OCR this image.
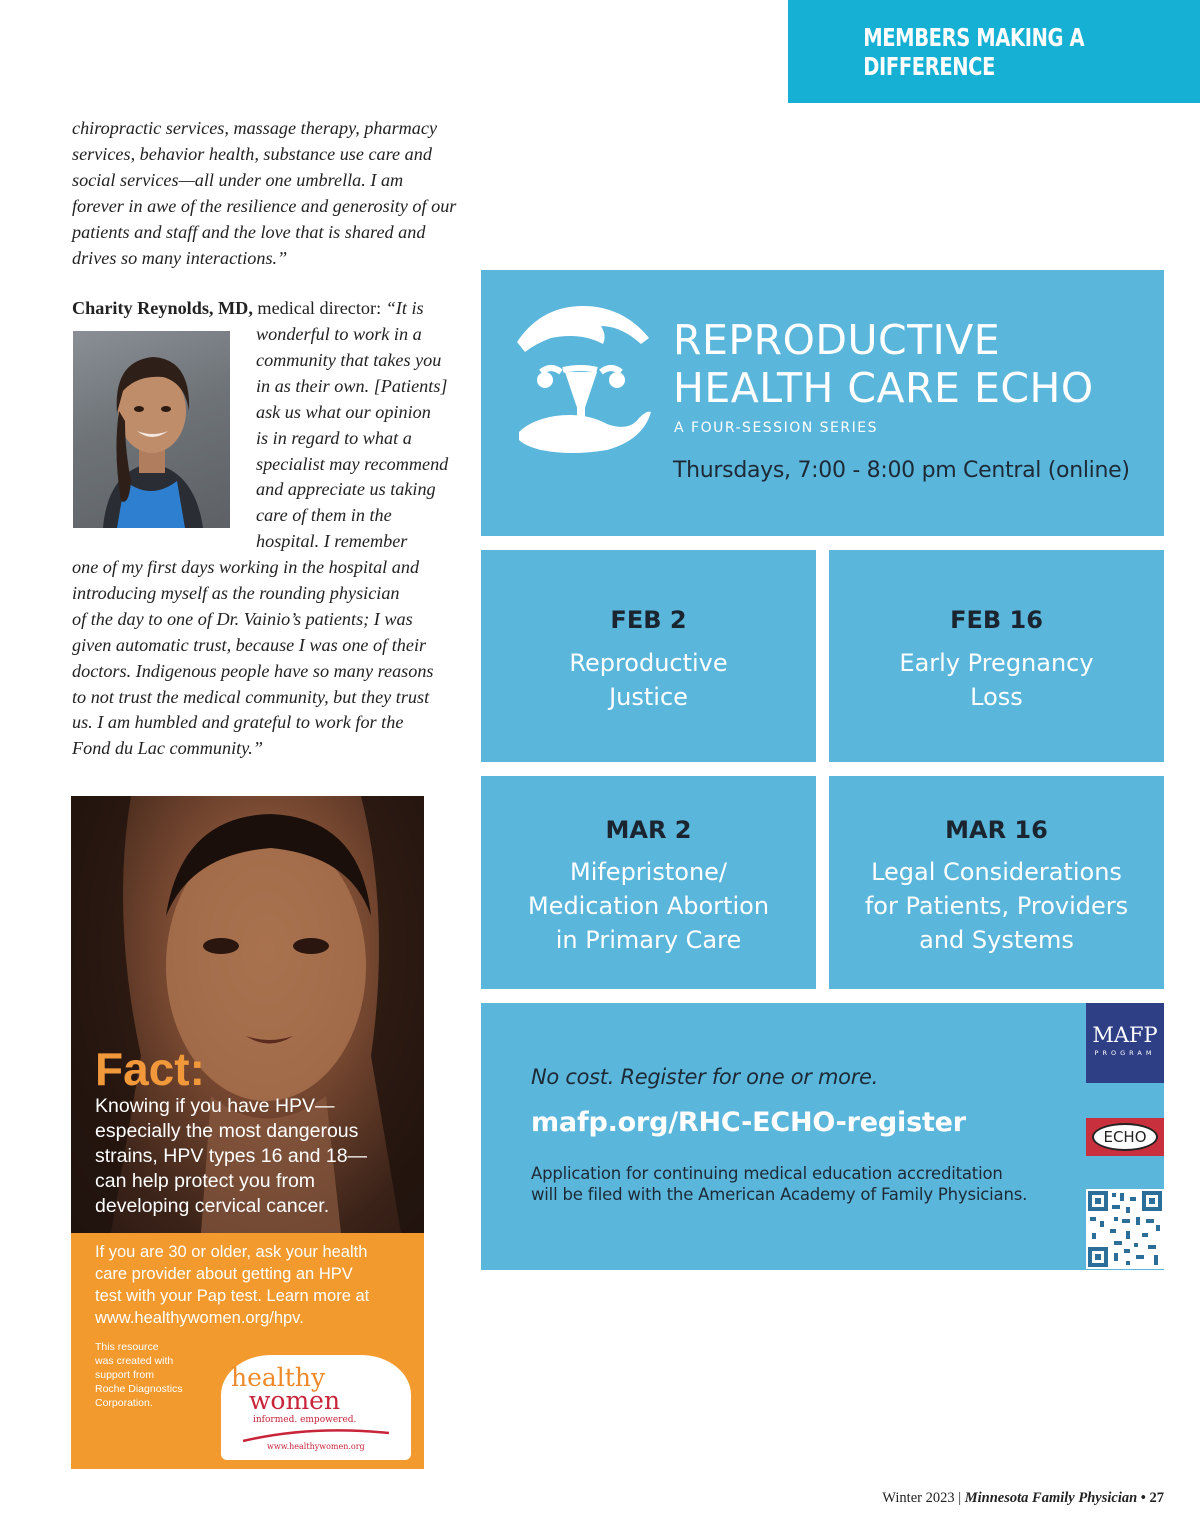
MEMBERS MAKING A DIFFERENCE
chiropractic services, massage therapy, pharmacy
services, behavior health, substance use care and
social services—all under one umbrella. I am
forever in awe of the resilience and generosity of our
patients and staff and the love that is shared and
drives so many interactions.”
Charity Reynolds, MD, medical director: “It is
wonderful to work in a
community that takes you
in as their own. [Patients]
ask us what our opinion
is in regard to what a
specialist may recommend
and appreciate us taking
care of them in the
hospital. I remember
one of my first days working in the hospital and
introducing myself as the rounding physician
of the day to one of Dr. Vainio’s patients; I was
given automatic trust, because I was one of their
doctors. Indigenous people have so many reasons
to not trust the medical community, but they trust
us. I am humbled and grateful to work for the
Fond du Lac community.”
Fact:
Knowing if you have HPV—
especially the most dangerous
strains, HPV types 16 and 18—
can help protect you from
developing cervical cancer.
If you are 30 or older, ask your health
care provider about getting an HPV
test with your Pap test. Learn more at
www.healthywomen.org/hpv.
This resource
was created with
support from
Roche Diagnostics
Corporation.
healthy
women
informed. empowered.
www.healthywomen.org
REPRODUCTIVE
HEALTH CARE ECHO
A FOUR-SESSION SERIES
Thursdays, 7:00 - 8:00 pm Central (online)
FEB 2
Reproductive
Justice
FEB 16
Early Pregnancy
Loss
MAR 2
Mifepristone/
Medication Abortion
in Primary Care
MAR 16
Legal Considerations
for Patients, Providers
and Systems
No cost. Register for one or more.
mafp.org/RHC-ECHO-register
Application for continuing medical education accreditation
will be filed with the American Academy of Family Physicians.
MAFP
PROGRAM
ECHO
Winter 2023 | Minnesota Family Physician • 27
